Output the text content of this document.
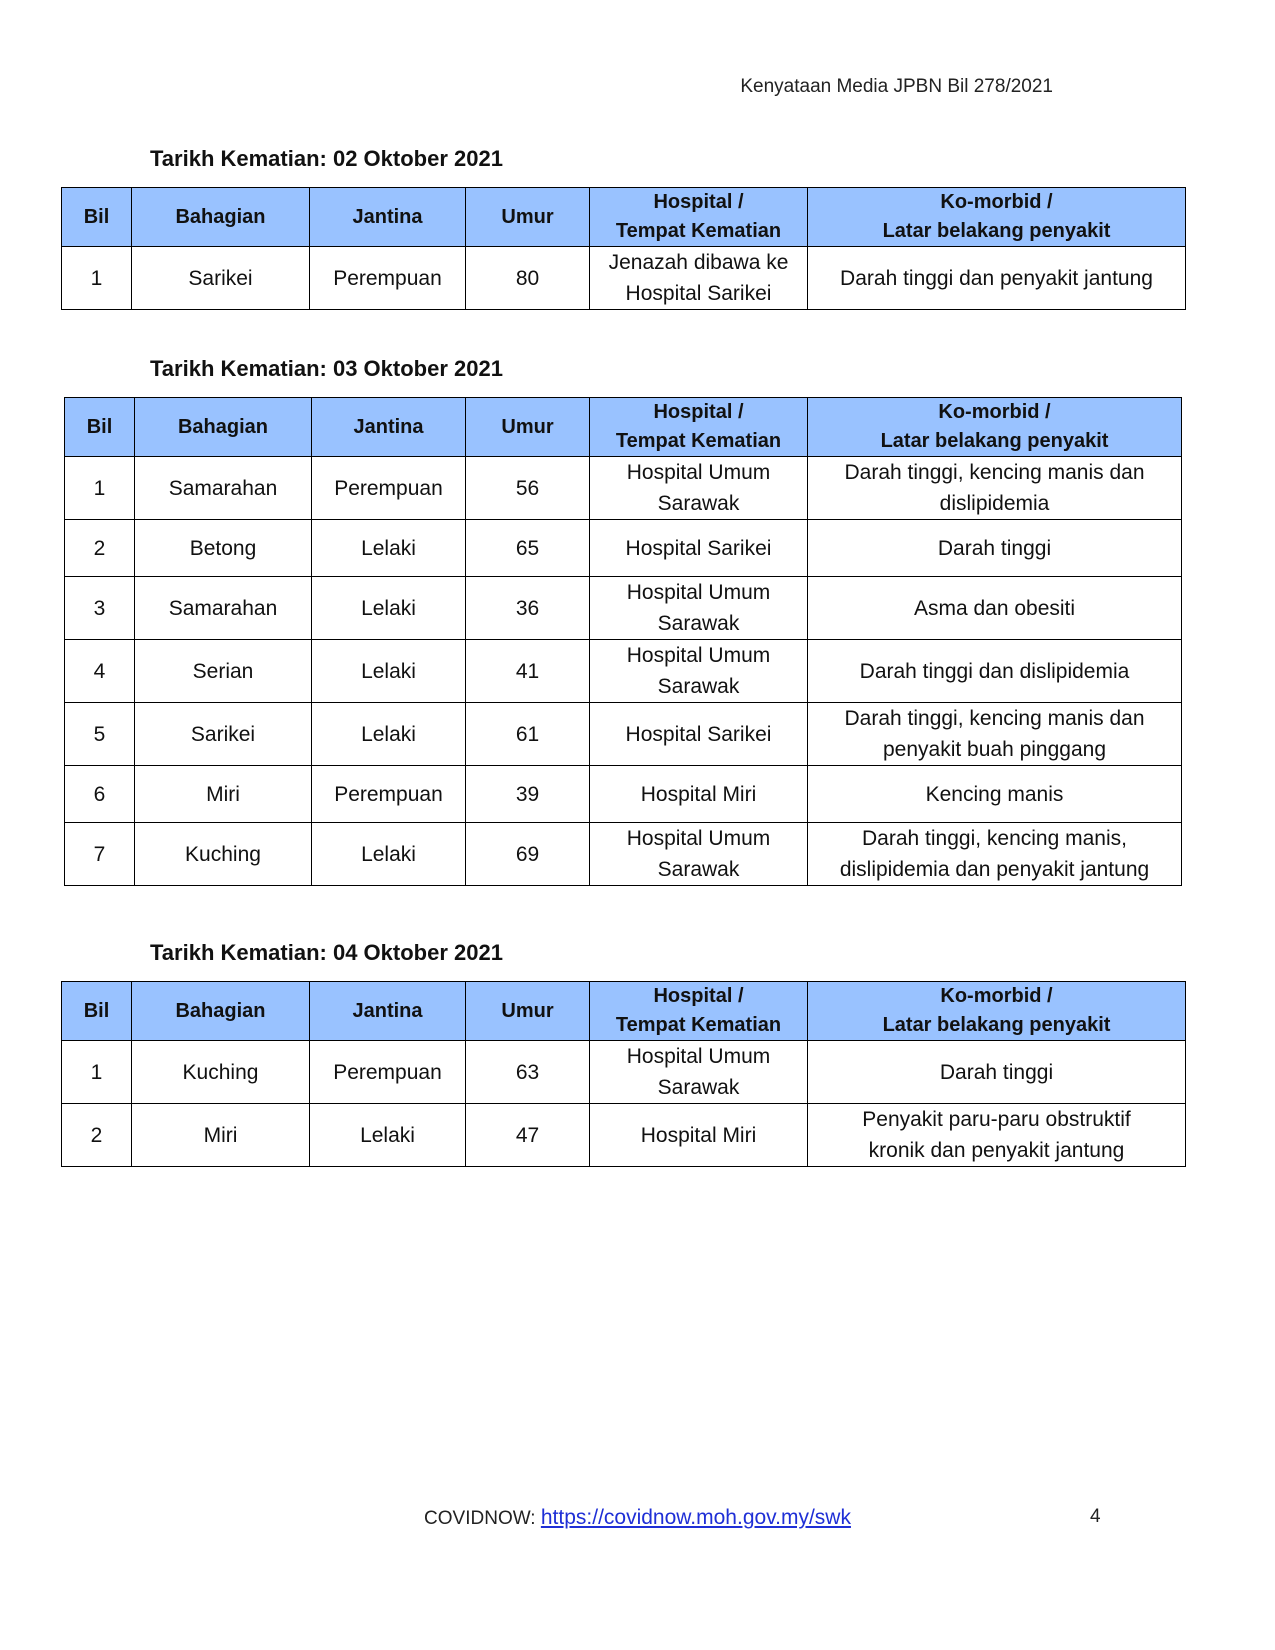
Kenyataan Media JPBN Bil 278/2021
Tarikh Kematian: 02 Oktober 2021
Bil	Bahagian	Jantina	Umur	Hospital /
Tempat Kematian	Ko-morbid /
Latar belakang penyakit
1	Sarikei	Perempuan	80	Jenazah dibawa ke
Hospital Sarikei	Darah tinggi dan penyakit jantung
Tarikh Kematian: 03 Oktober 2021
Bil	Bahagian	Jantina	Umur	Hospital /
Tempat Kematian	Ko-morbid /
Latar belakang penyakit
1	Samarahan	Perempuan	56	Hospital Umum
Sarawak	Darah tinggi, kencing manis dan
dislipidemia
2	Betong	Lelaki	65	Hospital Sarikei	Darah tinggi
3	Samarahan	Lelaki	36	Hospital Umum
Sarawak	Asma dan obesiti
4	Serian	Lelaki	41	Hospital Umum
Sarawak	Darah tinggi dan dislipidemia
5	Sarikei	Lelaki	61	Hospital Sarikei	Darah tinggi, kencing manis dan
penyakit buah pinggang
6	Miri	Perempuan	39	Hospital Miri	Kencing manis
7	Kuching	Lelaki	69	Hospital Umum
Sarawak	Darah tinggi, kencing manis,
dislipidemia dan penyakit jantung
Tarikh Kematian: 04 Oktober 2021
Bil	Bahagian	Jantina	Umur	Hospital /
Tempat Kematian	Ko-morbid /
Latar belakang penyakit
1	Kuching	Perempuan	63	Hospital Umum
Sarawak	Darah tinggi
2	Miri	Lelaki	47	Hospital Miri	Penyakit paru-paru obstruktif
kronik dan penyakit jantung
COVIDNOW: https://covidnow.moh.gov.my/swk	4
